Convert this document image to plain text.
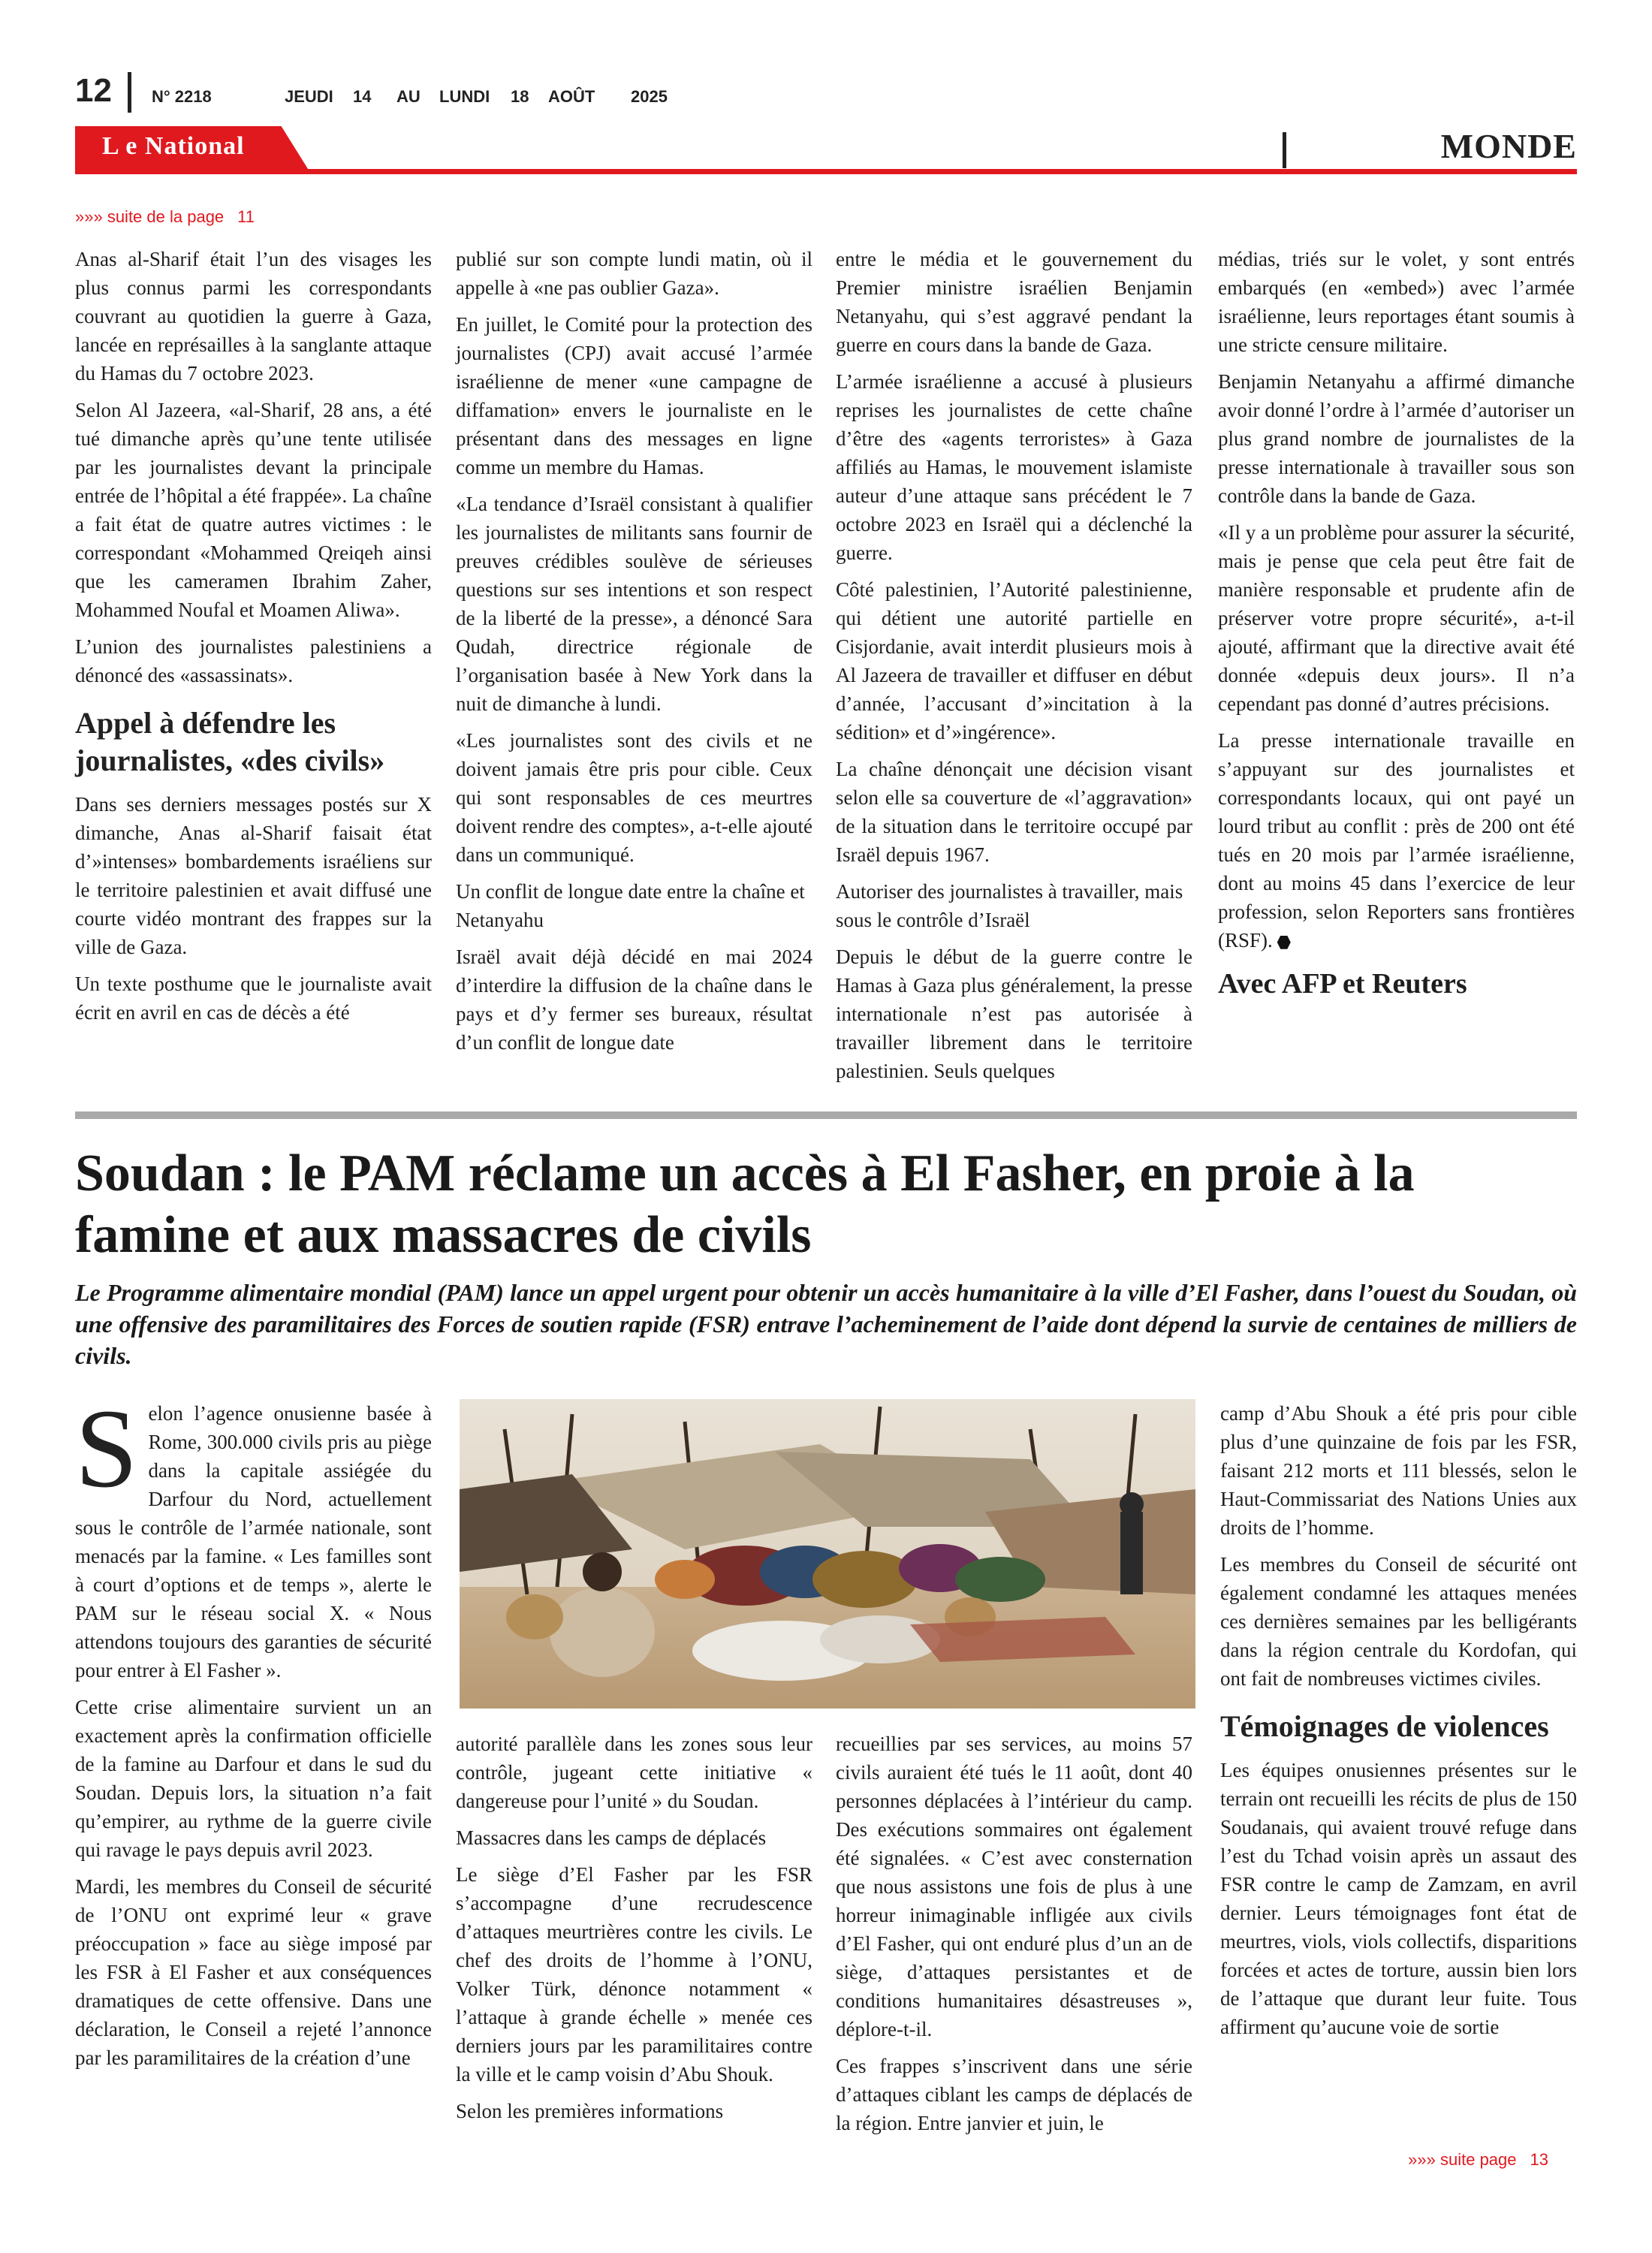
12 N° 2218	JEUDI 14 AU LUNDI 18 AOÛT 2025
L e National	MONDE
»»» suite de la page 11

Anas al-Sharif était l’un des visages les plus connus parmi les correspondants couvrant au quotidien la guerre à Gaza, lancée en représailles à la sanglante attaque du Hamas du 7 octobre 2023.

Selon Al Jazeera, «al-Sharif, 28 ans, a été tué dimanche après qu’une tente utilisée par les journalistes devant la principale entrée de l’hôpital a été frappée». La chaîne a fait état de quatre autres victimes : le correspondant «Mohammed Qreiqeh ainsi que les cameramen Ibrahim Zaher, Mohammed Noufal et Moamen Aliwa».

L’union des journalistes palestiniens a dénoncé des «assassinats».

Appel à défendre les journalistes, «des civils»

Dans ses derniers messages postés sur X dimanche, Anas al-Sharif faisait état d’»intenses» bombardements israéliens sur le territoire palestinien et avait diffusé une courte vidéo montrant des frappes sur la ville de Gaza.

Un texte posthume que le journaliste avait écrit en avril en cas de décès a été

publié sur son compte lundi matin, où il appelle à «ne pas oublier Gaza».

En juillet, le Comité pour la protection des journalistes (CPJ) avait accusé l’armée israélienne de mener «une campagne de diffamation» envers le journaliste en le présentant dans des messages en ligne comme un membre du Hamas.

«La tendance d’Israël consistant à qualifier les journalistes de militants sans fournir de preuves crédibles soulève de sérieuses questions sur ses intentions et son respect de la liberté de la presse», a dénoncé Sara Qudah, directrice régionale de l’organisation basée à New York dans la nuit de dimanche à lundi.

«Les journalistes sont des civils et ne doivent jamais être pris pour cible. Ceux qui sont responsables de ces meurtres doivent rendre des comptes», a-t-elle ajouté dans un communiqué.

Un conflit de longue date entre la chaîne et Netanyahu

Israël avait déjà décidé en mai 2024 d’interdire la diffusion de la chaîne dans le pays et d’y fermer ses bureaux, résultat d’un conflit de longue date

entre le média et le gouvernement du Premier ministre israélien Benjamin Netanyahu, qui s’est aggravé pendant la guerre en cours dans la bande de Gaza.

L’armée israélienne a accusé à plusieurs reprises les journalistes de cette chaîne d’être des «agents terroristes» à Gaza affiliés au Hamas, le mouvement islamiste auteur d’une attaque sans précédent le 7 octobre 2023 en Israël qui a déclenché la guerre.

Côté palestinien, l’Autorité palestinienne, qui détient une autorité partielle en Cisjordanie, avait interdit plusieurs mois à Al Jazeera de travailler et diffuser en début d’année, l’accusant d’»incitation à la sédition» et d’»ingérence».

La chaîne dénonçait une décision visant selon elle sa couverture de «l’aggravation» de la situation dans le territoire occupé par Israël depuis 1967.

Autoriser des journalistes à travailler, mais sous le contrôle d’Israël

Depuis le début de la guerre contre le Hamas à Gaza plus généralement, la presse internationale n’est pas autorisée à travailler librement dans le territoire palestinien. Seuls quelques

médias, triés sur le volet, y sont entrés embarqués (en «embed») avec l’armée israélienne, leurs reportages étant soumis à une stricte censure militaire.

Benjamin Netanyahu a affirmé dimanche avoir donné l’ordre à l’armée d’autoriser un plus grand nombre de journalistes de la presse internationale à travailler sous son contrôle dans la bande de Gaza.

«Il y a un problème pour assurer la sécurité, mais je pense que cela peut être fait de manière responsable et prudente afin de préserver votre propre sécurité», a-t-il ajouté, affirmant que la directive avait été donnée «depuis deux jours». Il n’a cependant pas donné d’autres précisions.

La presse internationale travaille en s’appuyant sur des journalistes et correspondants locaux, qui ont payé un lourd tribut au conflit : près de 200 ont été tués en 20 mois par l’armée israélienne, dont au moins 45 dans l’exercice de leur profession, selon Reporters sans frontières (RSF).

Avec AFP et Reuters
Soudan : le PAM réclame un accès à El Fasher, en proie à la famine et aux massacres de civils
Le Programme alimentaire mondial (PAM) lance un appel urgent pour obtenir un accès humanitaire à la ville d’El Fasher, dans l’ouest du Soudan, où une offensive des paramilitaires des Forces de soutien rapide (FSR) entrave l’acheminement de l’aide dont dépend la survie de centaines de milliers de civils.

Selon l’agence onusienne basée à Rome, 300.000 civils pris au piège dans la capitale assiégée du Darfour du Nord, actuellement sous le contrôle de l’armée nationale, sont menacés par la famine. « Les familles sont à court d’options et de temps », alerte le PAM sur le réseau social X. « Nous attendons toujours des garanties de sécurité pour entrer à El Fasher ».

Cette crise alimentaire survient un an exactement après la confirmation officielle de la famine au Darfour et dans le sud du Soudan. Depuis lors, la situation n’a fait qu’empirer, au rythme de la guerre civile qui ravage le pays depuis avril 2023.

Mardi, les membres du Conseil de sécurité de l’ONU ont exprimé leur « grave préoccupation » face au siège imposé par les FSR à El Fasher et aux conséquences dramatiques de cette offensive. Dans une déclaration, le Conseil a rejeté l’annonce par les paramilitaires de la création d’une

autorité parallèle dans les zones sous leur contrôle, jugeant cette initiative « dangereuse pour l’unité » du Soudan.

Massacres dans les camps de déplacés

Le siège d’El Fasher par les FSR s’accompagne d’une recrudescence d’attaques meurtrières contre les civils. Le chef des droits de l’homme à l’ONU, Volker Türk, dénonce notamment « l’attaque à grande échelle » menée ces derniers jours par les paramilitaires contre la ville et le camp voisin d’Abu Shouk.

Selon les premières informations

recueillies par ses services, au moins 57 civils auraient été tués le 11 août, dont 40 personnes déplacées à l’intérieur du camp. Des exécutions sommaires ont également été signalées. « C’est avec consternation que nous assistons une fois de plus à une horreur inimaginable infligée aux civils d’El Fasher, qui ont enduré plus d’un an de siège, d’attaques persistantes et de conditions humanitaires désastreuses », déplore-t-il.

Ces frappes s’inscrivent dans une série d’attaques ciblant les camps de déplacés de la région. Entre janvier et juin, le

camp d’Abu Shouk a été pris pour cible plus d’une quinzaine de fois par les FSR, faisant 212 morts et 111 blessés, selon le Haut-Commissariat des Nations Unies aux droits de l’homme.

Les membres du Conseil de sécurité ont également condamné les attaques menées ces dernières semaines par les belligérants dans la région centrale du Kordofan, qui ont fait de nombreuses victimes civiles.

Témoignages de violences

Les équipes onusiennes présentes sur le terrain ont recueilli les récits de plus de 150 Soudanais, qui avaient trouvé refuge dans l’est du Tchad voisin après un assaut des FSR contre le camp de Zamzam, en avril dernier. Leurs témoignages font état de meurtres, viols, viols collectifs, disparitions forcées et actes de torture, aussin bien lors de l’attaque que durant leur fuite. Tous affirment qu’aucune voie de sortie

»»» suite page 13
